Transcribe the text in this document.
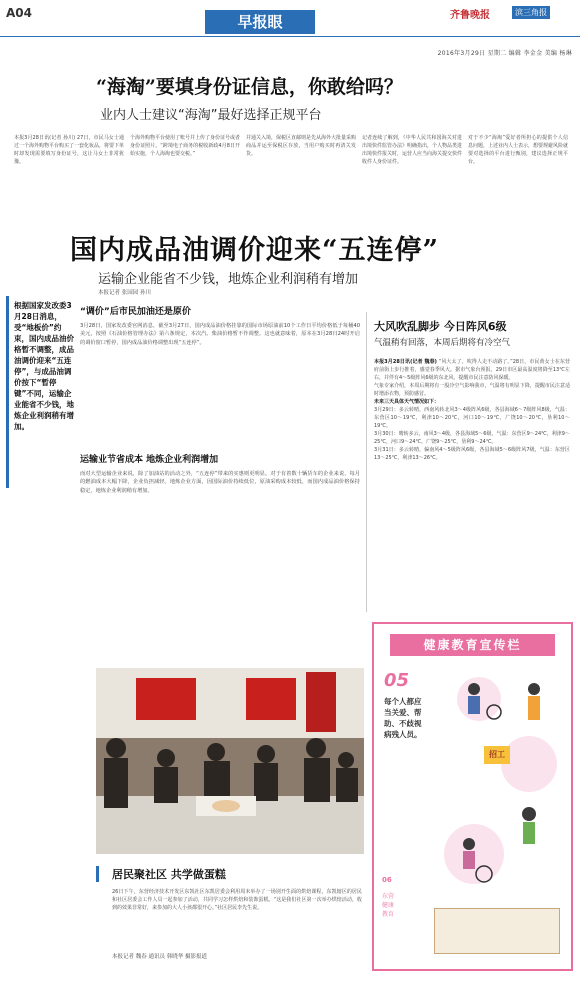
A04	早报眼	齐鲁晚报	滨三角报
2016年3月29日 星期二 编辑 李金金 美编 杨琳
“海淘”要填身份证信息，你敢给吗？
业内人士建议“海淘”最好选择正规平台
本报3月28日讯(记者 孙川) 27日，市民马女士通过一个海外购物平台购买了一套化妆品，将要下单时却发现需要填写身份证号，这让马女士非常犹豫。
个海外购物平台使用了账号并上传了身份证号或者身份证照片。“跨境电子商务的税收新政4月8日开始实施，个人海淘也要交税。”
并通关入境，保税区直邮则是先从海外大批量采购商品并运至保税区存放，当用户购买时再清关发货。
记者连续了解到，《中华人民共和国海关对进出境快件监管办法》明确指出，个人物品类进出境快件报关时，运营人应当向海关提交快件收件人身份证件。
对于不少“海淘”爱好者所担心的提供个人信息问题，上述业内人士表示，想要规避风险就要对选择的平台进行甄别，建议选择正规平台。
国内成品油调价迎来“五连停”
运输企业能省不少钱，地炼企业利润稍有增加
本报记者 张园园 孙川
根据国家发改委3月28日消息，受“地板价”约束，国内成品油价格暂不调整，成品油调价迎来“五连停”，与成品油调价按下“暂停键”不同，运输企业能省不少钱，地炼企业利润稍有增加。
“调价”后市民加油还是原价
3月28日，国家发改委官网消息，截至3月27日，国内成品油价格挂靠的国际市场原油前10个工作日平均价格低于每桶40美元，按照《石油价格管理办法》第六条规定，本次汽、柴油价格暂不作调整。这也就意味着，原本在3月28日24时开启的调价窗口暂停，国内成品油价格调整出现“五连停”。
运输业节省成本 地炼企业利润增加
而对大型运输企业来说，除了加油站的活动之外，“五连停”带来的实惠则更明显。对于有着数十辆货车的企业来说，每月的燃油成本大幅下降，企业负担减轻。地炼企业方面，因国际油价持续低位，原油采购成本较低，而国内成品油价格保持稳定，地炼企业利润稍有增加。
大风吹乱脚步 今日阵风6级
气温稍有回落，本周后期将有冷空气
本报3月28日讯(记者 魏春) “风大太了，吹得人走不动路了。”28日，市民黄女士在东营府前街上步行推着，感觉春季风大。据市气象台预报，29日市区最高温度将降至13℃左右，并伴有4～5级阵风6级的东北风，提醒市民注意防风保暖。
气象专家介绍，本周后期将有一股冷空气影响我市，气温将有明显下降，提醒市民注意适时增添衣物，预防感冒。
未来三天具体天气情况如下：
3月29日：多云转晴，西南风转北风3～4级阵风6级，各县海域6～7级阵风8级，气温：东营区10～19℃，利津10～20℃，河口10～19℃，广饶10～20℃，垦利10～19℃。
3月30日：晴转多云，南风3～4级，各县海域5～6级，气温：东营区9～24℃，利津9～25℃，河口9～24℃，广饶9～25℃，垦利9～24℃。
3月31日：多云转晴，偏南风4～5级阵风6级，各县海域5～6级阵风7级，气温：东营区13～25℃，利津13～26℃。
居民聚社区 共学做蛋糕
26日下午，东营经济技术开发区东凯社区东凯居委会利用周末举办了一场别开生面的烘焙课程，东凯辖区的居民和社区居委会工作人员一起参加了活动，共同学习怎样烘焙和装饰蛋糕。“这是我们社区第一次举办烘焙活动，收到的效果非常好，来参加的大人小孩都很开心。”社区居民李先生说。
本报记者 魏春 通讯员 韩晓华 摄影报道
健康教育宣传栏
05
每个人都应
当关爱、帮
助、不歧视
病残人员。
招工
东营
健康
教育
06
